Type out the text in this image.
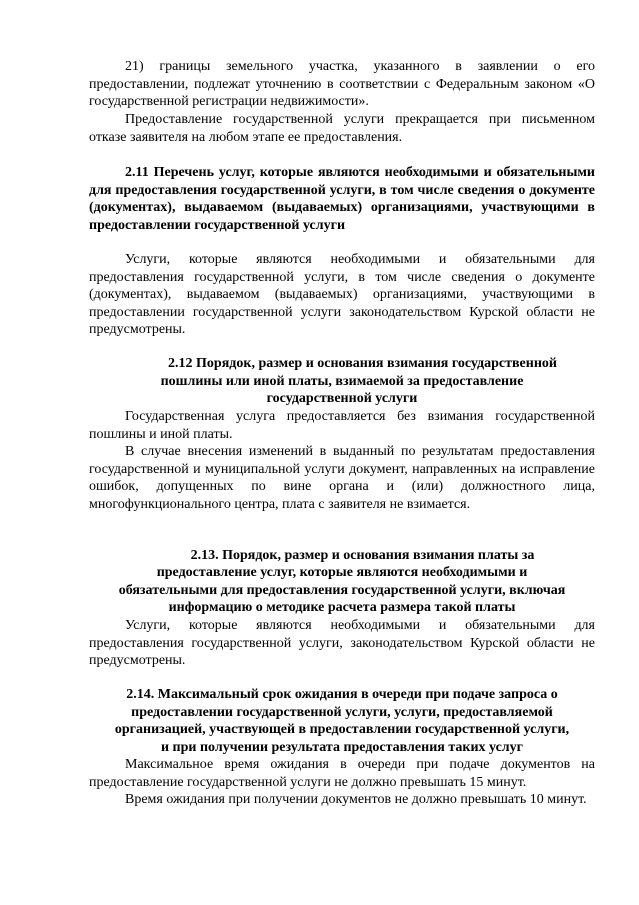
21) границы земельного участка, указанного в заявлении о его предоставлении, подлежат уточнению в соответствии с Федеральным законом «О государственной регистрации недвижимости».

Предоставление государственной услуги прекращается при письменном отказе заявителя на любом этапе ее предоставления.

2.11 Перечень услуг, которые являются необходимыми и обязательными для предоставления государственной услуги, в том числе сведения о документе (документах), выдаваемом (выдаваемых) организациями, участвующими в предоставлении государственной услуги

Услуги, которые являются необходимыми и обязательными для предоставления государственной услуги, в том числе сведения о документе (документах), выдаваемом (выдаваемых) организациями, участвующими в предоставлении государственной услуги законодательством Курской области не предусмотрены.

2.12 Порядок, размер и основания взимания государственной

пошлины или иной платы, взимаемой за предоставление

государственной услуги

Государственная услуга предоставляется без взимания государственной пошлины и иной платы.

В случае внесения изменений в выданный по результатам предоставления государственной и муниципальной услуги документ, направленных на исправление ошибок, допущенных по вине органа и (или) должностного лица, многофункционального центра, плата с заявителя не взимается.

2.13. Порядок, размер и основания взимания платы за

предоставление услуг, которые являются необходимыми и

обязательными для предоставления государственной услуги, включая

информацию о методике расчета размера такой платы

Услуги, которые являются необходимыми и обязательными для предоставления государственной услуги, законодательством Курской области не предусмотрены.

2.14. Максимальный срок ожидания в очереди при подаче запроса о

предоставлении государственной услуги, услуги, предоставляемой

организацией, участвующей в предоставлении государственной услуги,

и при получении результата предоставления таких услуг

Максимальное время ожидания в очереди при подаче документов на предоставление государственной услуги не должно превышать 15 минут.

Время ожидания при получении документов не должно превышать 10 минут.
